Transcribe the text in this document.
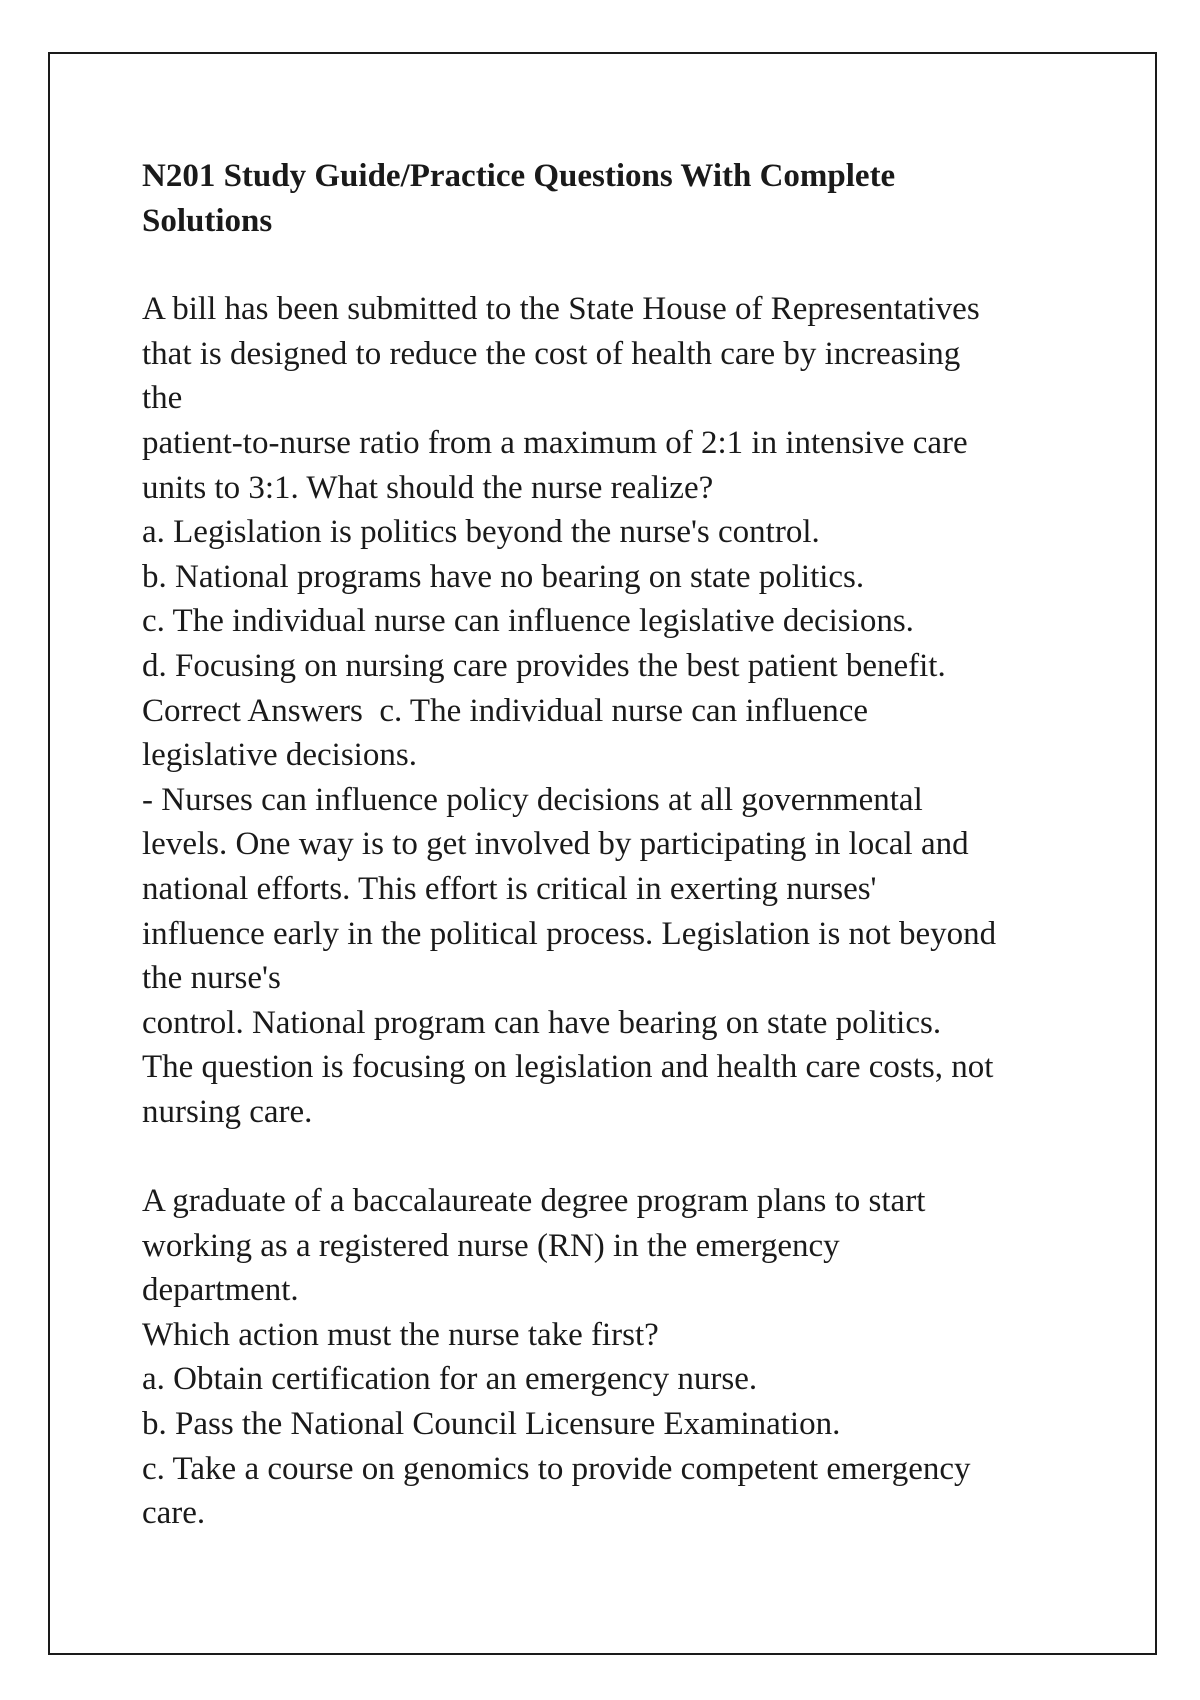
N201 Study Guide/Practice Questions With Complete
Solutions
A bill has been submitted to the State House of Representatives
that is designed to reduce the cost of health care by increasing
the
patient-to-nurse ratio from a maximum of 2:1 in intensive care
units to 3:1. What should the nurse realize?
a. Legislation is politics beyond the nurse's control.
b. National programs have no bearing on state politics.
c. The individual nurse can influence legislative decisions.
d. Focusing on nursing care provides the best patient benefit.
Correct Answers  c. The individual nurse can influence
legislative decisions.
- Nurses can influence policy decisions at all governmental
levels. One way is to get involved by participating in local and
national efforts. This effort is critical in exerting nurses'
influence early in the political process. Legislation is not beyond
the nurse's
control. National program can have bearing on state politics.
The question is focusing on legislation and health care costs, not
nursing care.
A graduate of a baccalaureate degree program plans to start
working as a registered nurse (RN) in the emergency
department.
Which action must the nurse take first?
a. Obtain certification for an emergency nurse.
b. Pass the National Council Licensure Examination.
c. Take a course on genomics to provide competent emergency
care.
